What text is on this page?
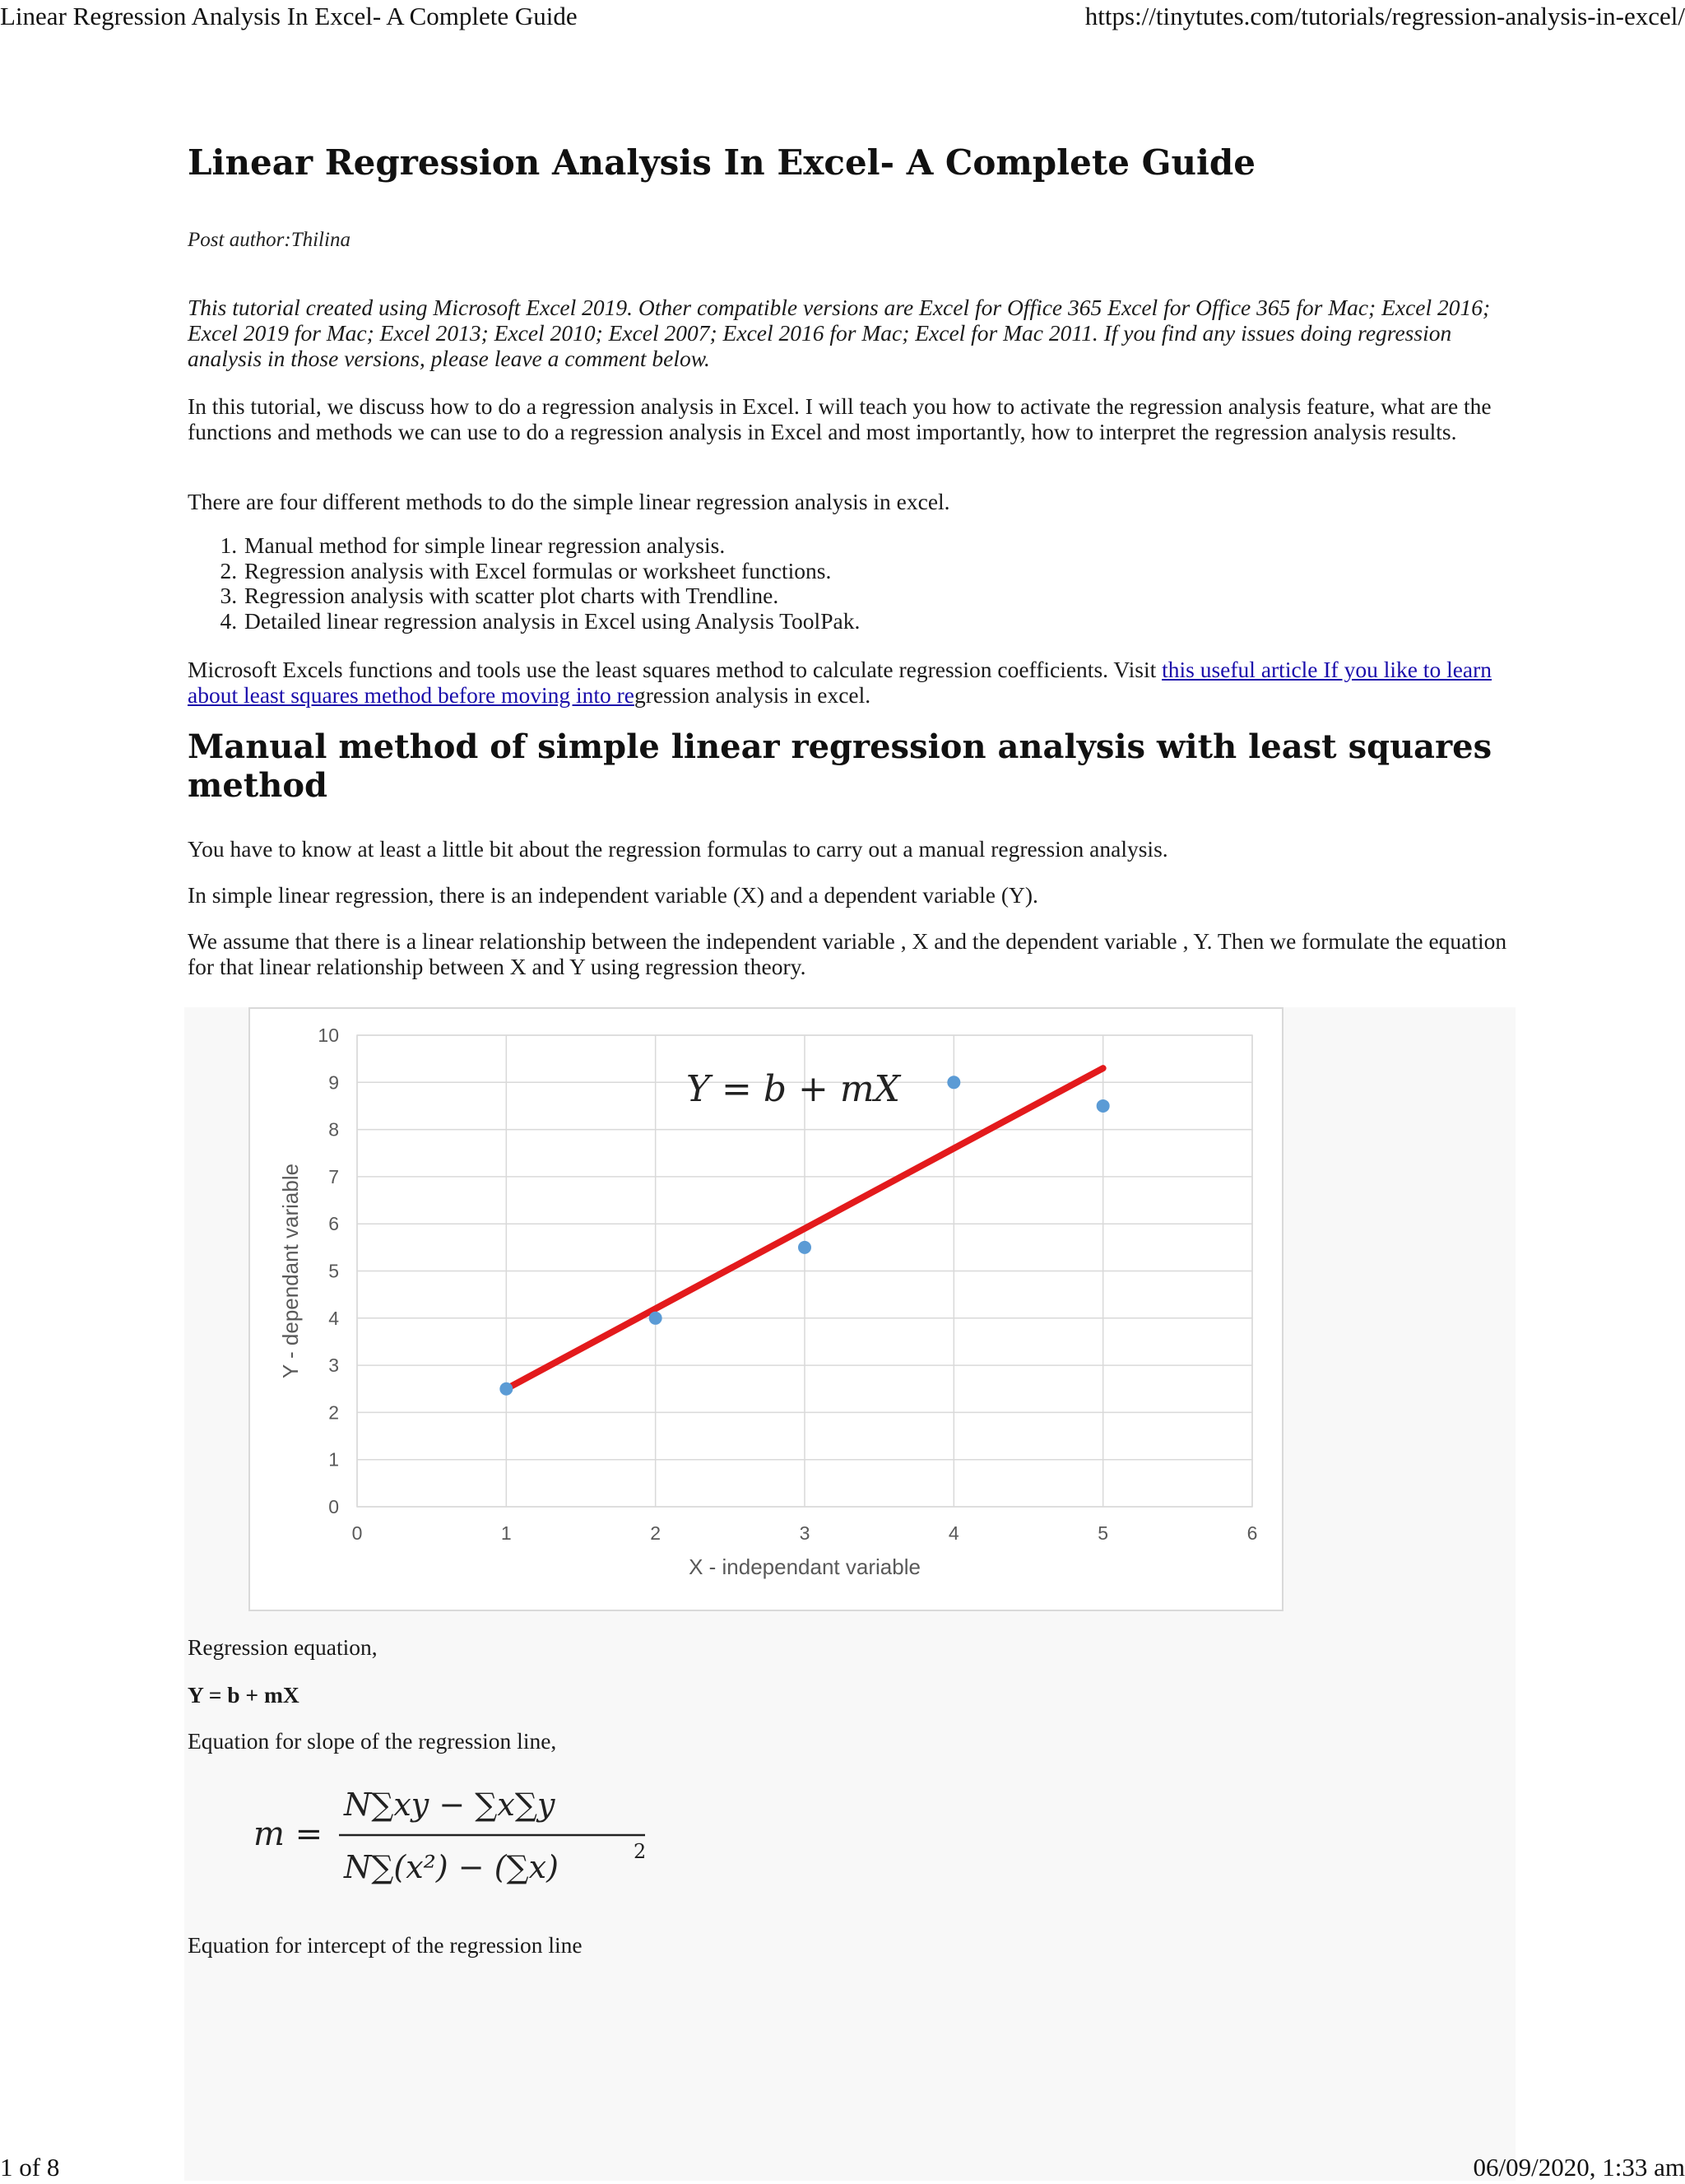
Linear Regression Analysis In Excel- A Complete Guide	https://tinytutes.com/tutorials/regression-analysis-in-excel/
Linear Regression Analysis In Excel- A Complete Guide

Post author:Thilina

This tutorial created using Microsoft Excel 2019. Other compatible versions are Excel for Office 365 Excel for Office 365 for Mac; Excel 2016; Excel 2019 for Mac; Excel 2013; Excel 2010; Excel 2007; Excel 2016 for Mac; Excel for Mac 2011. If you find any issues doing regression analysis in those versions, please leave a comment below.

In this tutorial, we discuss how to do a regression analysis in Excel. I will teach you how to activate the regression analysis feature, what are the functions and methods we can use to do a regression analysis in Excel and most importantly, how to interpret the regression analysis results.

There are four different methods to do the simple linear regression analysis in excel.

1. Manual method for simple linear regression analysis.
2. Regression analysis with Excel formulas or worksheet functions.
3. Regression analysis with scatter plot charts with Trendline.
4. Detailed linear regression analysis in Excel using Analysis ToolPak.

Microsoft Excels functions and tools use the least squares method to calculate regression coefficients. Visit this useful article If you like to learn about least squares method before moving into regression analysis in excel.

Manual method of simple linear regression analysis with least squares method

You have to know at least a little bit about the regression formulas to carry out a manual regression analysis.

In simple linear regression, there is an independent variable (X) and a dependent variable (Y).

We assume that there is a linear relationship between the independent variable , X and the dependent variable , Y. Then we formulate the equation for that linear relationship between X and Y using regression theory.

Regression equation,

Y = b + mX

Equation for slope of the regression line,

Equation for intercept of the regression line

0
1
2
3
4
5
6
7
8
9
10
0	1	2	3	4	5	6
X - independant variable
Y - dependant variable
Y = b + mX
m =
N∑xy − ∑x∑y
N∑(x²) − (∑x)	2
1 of 8	06/09/2020, 1:33 am
